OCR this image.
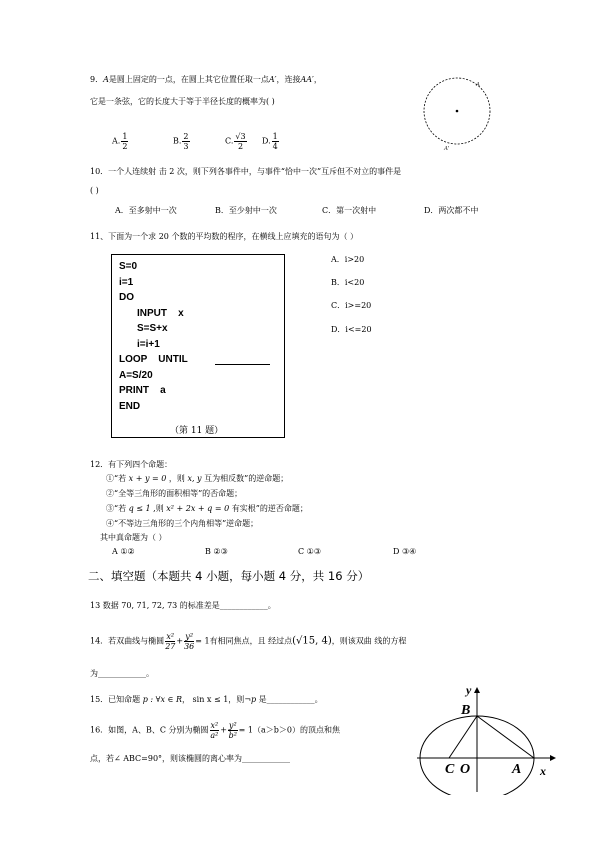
9．A是圆上固定的一点，在圆上其它位置任取一点A′，连接AA′，
它是一条弦，它的长度大于等于半径长度的概率为( )
A. $\frac{1}{2}$	B. $\frac{2}{3}$	C. $\frac{√3}{2} D$. $\frac{1}{4}$
A
A′
10．一个人连续射 击 2 次，则下列各事件中，与事件“恰中一次”互斥但不对立的事件是
( )
A．至多射中一次	B．至少射中一次	C．第一次射中	D．两次都不中
11、下面为一个求 20 个数的平均数的程序，在横线上应填充的语句为（ ）
S=0
i=1
DO
INPUT    x
S=S+x
i=i+1
LOOP    UNTIL
A=S/20
PRINT    a
END
（第 11 题）
A．i>20
B．i<20
C．i>=20
D．i<=20
12．有下列四个命题：
①“若 x + y = 0 ，则 x, y 互为相反数”的逆命题；
②“全等三角形的面积相等”的否命题；
③“若 q ≤ 1 ,则 x² + 2x + q = 0 有实根”的逆否命题；
④“不等边三角形的三个内角相等”逆命题；
其中真命题为（ ）
A ①②	B ②③	C ①③	D ③④
二、填空题（本题共 4 小题，每小题 4 分，共 16 分）
13 数据 70, 71, 72, 73 的标准差是____________。
14．若双曲线与椭圆 $\frac{\text{x²}}{27} + \frac{\text{y²}}{36} = 1$有相同焦点，且 经过点(√15, 4)，则该双曲 线的方程
为____________。
15．已知命题 p : ∀x ∈ R， sin x ≤ 1，则¬p 是____________。
16．如图，A、B、C 分别为椭圆 $\frac{\text{x²}}{\text{a²}} + \frac{\text{y²}}{\text{b²}} = 1(a>b>0)$的顶点和焦
点，若∠ ABC=90°，则该椭圆的离心率为____________
y
B
C O	A x
